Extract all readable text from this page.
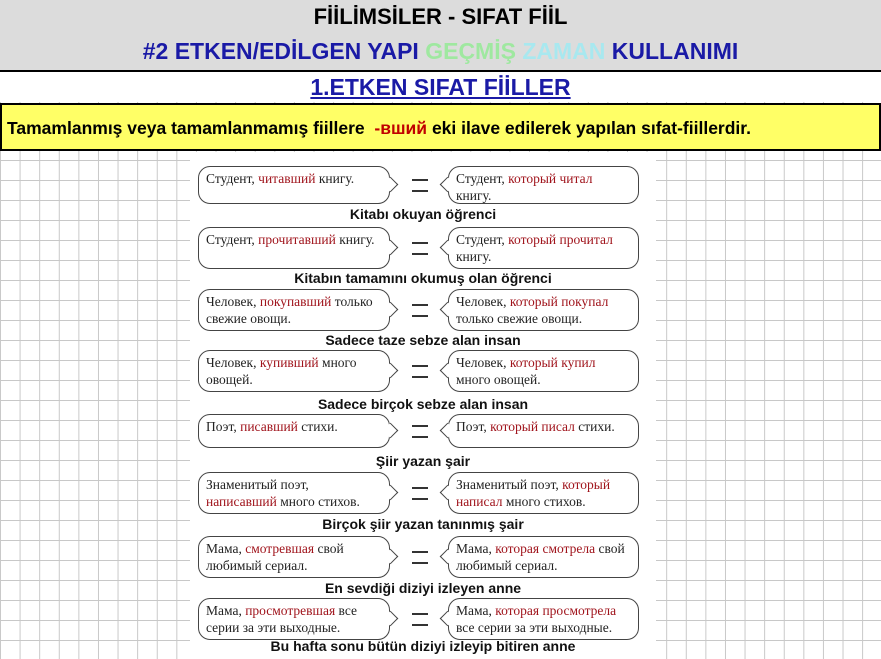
FİİLİMSİLER - SIFAT FİİL
#2 ETKEN/EDİLGEN YAPI GEÇMİŞ ZAMAN KULLANIMI
1.ETKEN SIFAT FİİLLER
Tamamlanmış veya tamamlanmamış fiillere -вший eki ilave edilerek yapılan sıfat-fiillerdir.
Студент, читавший книгу.	Студент, который читал книгу.
Kitabı okuyan öğrenci
Студент, прочитавший книгу.	Студент, который прочитал книгу.
Kitabın tamamını okumuş olan öğrenci
Человек, покупавший только свежие овощи.
Человек, который покупал только свежие овощи.
Sadece taze sebze alan insan
Человек, купивший много овощей.
Человек, который купил много овощей.
Sadece birçok sebze alan insan
Поэт, писавший стихи.	Поэт, который писал стихи.
Şiir yazan şair
Знаменитый поэт, написавший много стихов.
Знаменитый поэт, который написал много стихов.
Birçok şiir yazan tanınmış şair
Мама, смотревшая свой любимый сериал.
Мама, которая смотрела свой любимый сериал.
En sevdiği diziyi izleyen anne
Мама, просмотревшая все серии за эти выходные.
Мама, которая просмотрела все серии за эти выходные.
Bu hafta sonu bütün diziyi izleyip bitiren anne
